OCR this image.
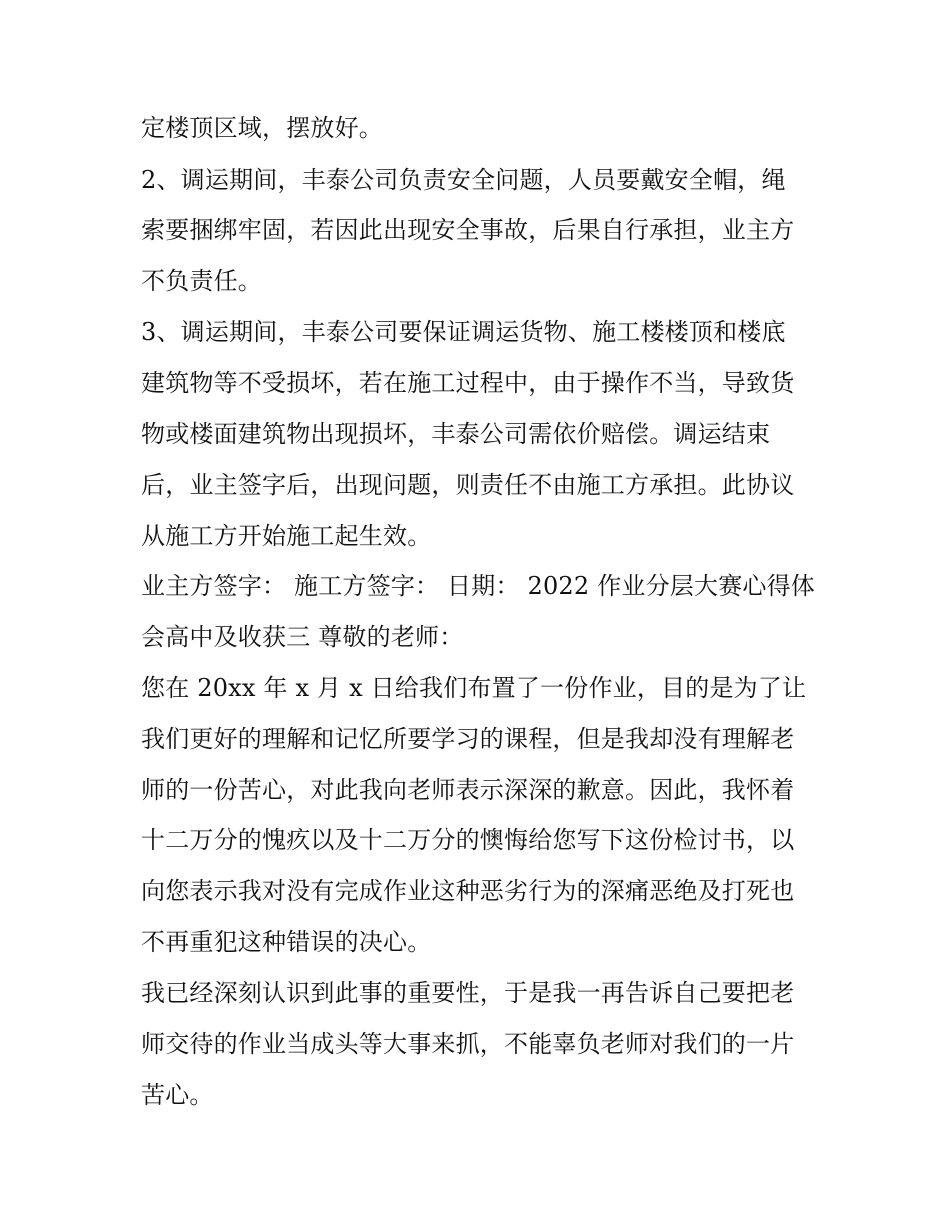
定楼顶区域，摆放好。
2、调运期间，丰泰公司负责安全问题，人员要戴安全帽，绳
索要捆绑牢固，若因此出现安全事故，后果自行承担，业主方
不负责任。
3、调运期间，丰泰公司要保证调运货物、施工楼楼顶和楼底
建筑物等不受损坏，若在施工过程中，由于操作不当，导致货
物或楼面建筑物出现损坏，丰泰公司需依价赔偿。调运结束
后，业主签字后，出现问题，则责任不由施工方承担。此协议
从施工方开始施工起生效。
业主方签字： 施工方签字： 日期： 2022 作业分层大赛心得体
会高中及收获三 尊敬的老师：
您在 20xx 年 x 月 x 日给我们布置了一份作业，目的是为了让
我们更好的理解和记忆所要学习的课程，但是我却没有理解老
师的一份苦心，对此我向老师表示深深的歉意。因此，我怀着
十二万分的愧疚以及十二万分的懊悔给您写下这份检讨书，以
向您表示我对没有完成作业这种恶劣行为的深痛恶绝及打死也
不再重犯这种错误的决心。
我已经深刻认识到此事的重要性，于是我一再告诉自己要把老
师交待的作业当成头等大事来抓，不能辜负老师对我们的一片
苦心。
